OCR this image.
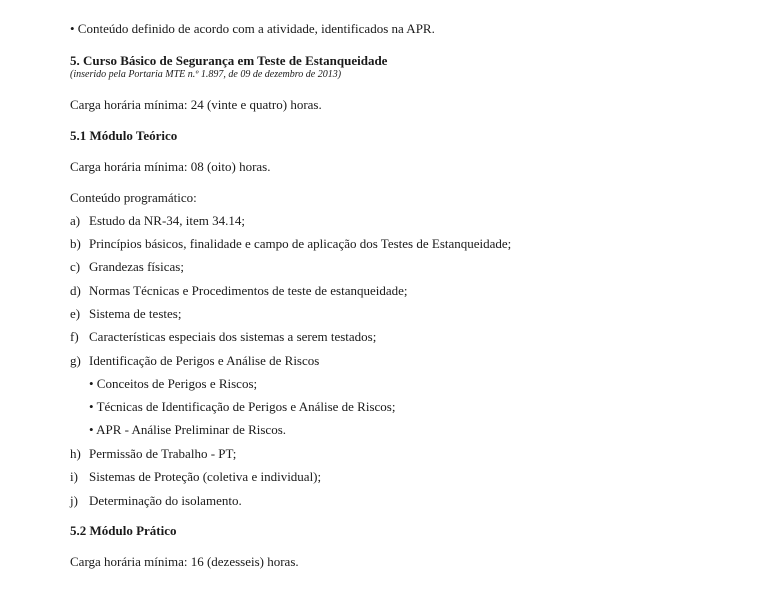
• Conteúdo definido de acordo com a atividade, identificados na APR.
5. Curso Básico de Segurança em Teste de Estanqueidade
(inserido pela Portaria MTE n.º 1.897, de 09 de dezembro de 2013)
Carga horária mínima: 24 (vinte e quatro) horas.
5.1 Módulo Teórico
Carga horária mínima: 08 (oito) horas.
Conteúdo programático:
a) Estudo da NR-34, item 34.14;
b) Princípios básicos, finalidade e campo de aplicação dos Testes de Estanqueidade;
c) Grandezas físicas;
d) Normas Técnicas e Procedimentos de teste de estanqueidade;
e) Sistema de testes;
f) Características especiais dos sistemas a serem testados;
g) Identificação de Perigos e Análise de Riscos
• Conceitos de Perigos e Riscos;
• Técnicas de Identificação de Perigos e Análise de Riscos;
• APR - Análise Preliminar de Riscos.
h) Permissão de Trabalho - PT;
i) Sistemas de Proteção (coletiva e individual);
j) Determinação do isolamento.
5.2 Módulo Prático
Carga horária mínima: 16 (dezesseis) horas.
